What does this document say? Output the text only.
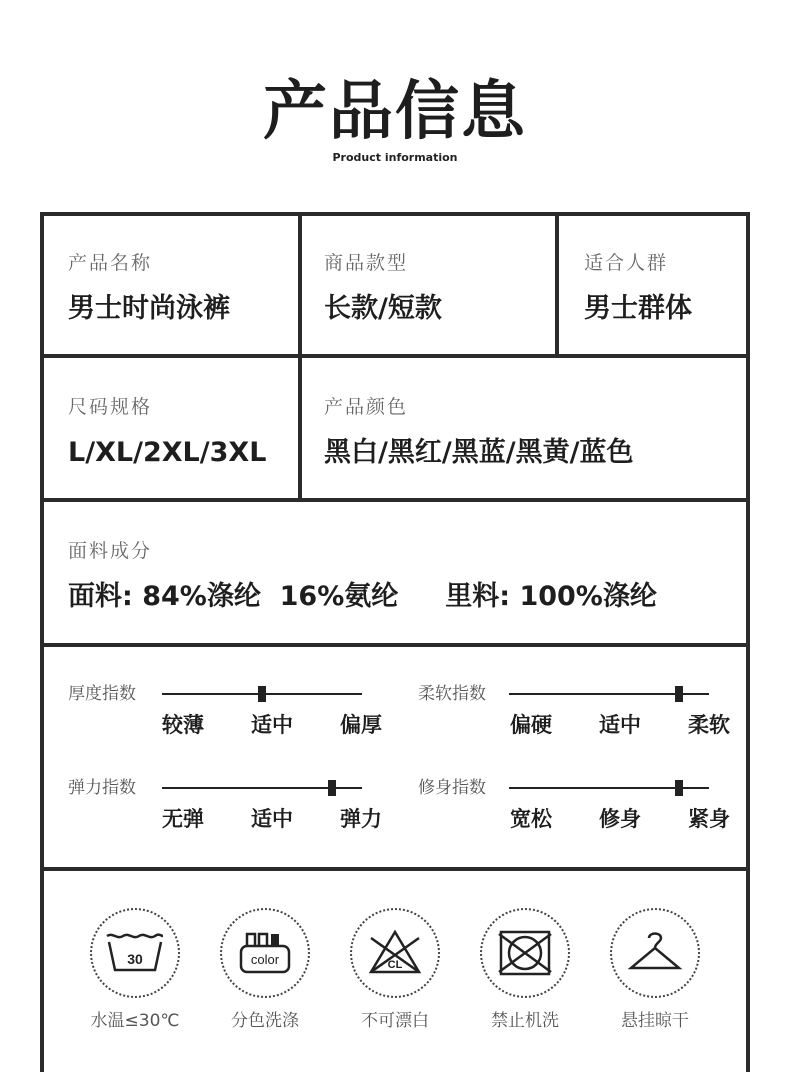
产品信息
Product information
产品名称
男士时尚泳裤
商品款型
长款/短款
适合人群
男士群体
尺码规格
L/XL/2XL/3XL
产品颜色
黑白/黑红/黑蓝/黑黄/蓝色
面料成分
面料: 84%涤纶  16%氨纶     里料: 100%涤纶
厚度指数
较薄 适中 偏厚
柔软指数
偏硬 适中 柔软
弹力指数
无弹 适中 弹力
修身指数
宽松 修身 紧身
30
水温≤30℃
color
分色洗涤
CL
不可漂白	禁止机洗	悬挂晾干
